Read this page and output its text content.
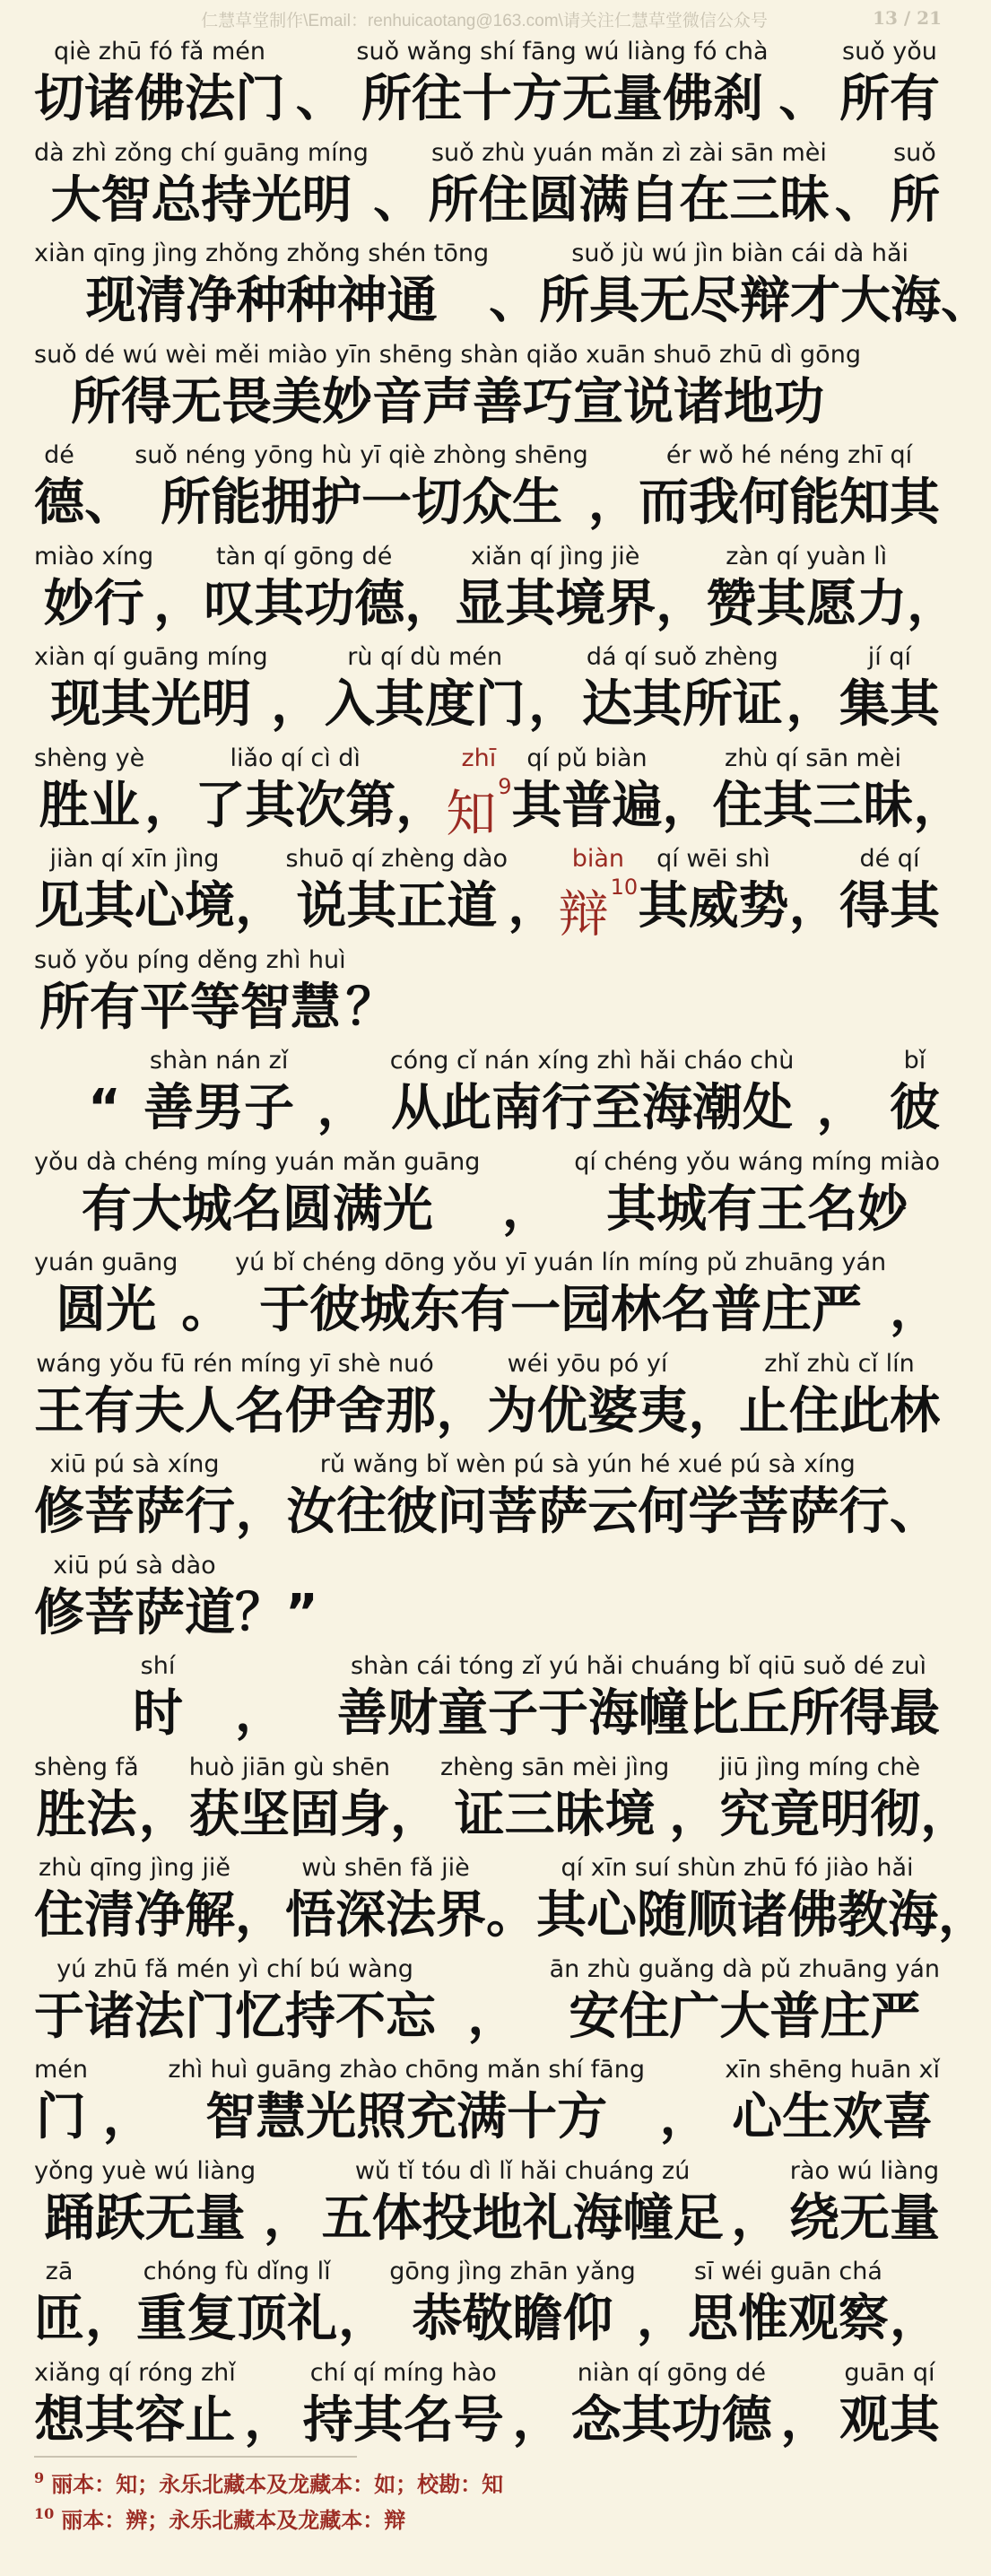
仁慧草堂制作\Email：renhuicaotang@163.com\请关注仁慧草堂微信公众号	13 / 21
qiè zhū fó fǎ mén
切诸佛法门 、
suǒ wǎng shí fāng wú liàng fó chà
所往十方无量佛刹 、
suǒ yǒu
所有
dà zhì zǒng chí guāng míng
大智总持光明 、
suǒ zhù yuán mǎn zì zài sān mèi
所住圆满自在三昧 、
suǒ
所
xiàn qīng jìng zhǒng zhǒng shén tōng
现清净种种神通 、
suǒ jù wú jìn biàn cái dà hǎi
所具无尽辩才大海 、
suǒ dé wú wèi měi miào yīn shēng shàn qiǎo xuān shuō zhū dì gōng
所得无畏美妙音声善巧宣说诸地功
dé
德 、
suǒ néng yōng hù yī qiè zhòng shēng
所能拥护一切众生 ，
ér wǒ hé néng zhī qí
而我何能知其
miào xíng
妙行 ，
tàn qí gōng dé
叹其功德 ，
xiǎn qí jìng jiè
显其境界 ，
zàn qí yuàn lì
赞其愿力 ，
xiàn qí guāng míng
现其光明 ，
rù qí dù mén
入其度门 ，
dá qí suǒ zhèng
达其所证 ，
jí qí
集其
shèng yè
胜业 ，
liǎo qí cì dì
了其次第 ，
zhī
知$^9$
qí pǔ biàn
其普遍 ，
zhù qí sān mèi
住其三昧 ，
jiàn qí xīn jìng
见其心境 ，
shuō qí zhèng dào
说其正道 ，
biàn
辩$^{10}$
qí wēi shì
其威势 ，
dé qí
得其
suǒ yǒu píng děng zhì huì
所有平等智慧 ？
“
shàn nán zǐ
善男子 ，
cóng cǐ nán xíng zhì hǎi cháo chù
从此南行至海潮处 ，
bǐ
彼
yǒu dà chéng míng yuán mǎn guāng
有大城名圆满光 ，
qí chéng yǒu wáng míng miào
其城有王名妙
yuán guāng
圆光 。
yú bǐ chéng dōng yǒu yī yuán lín míng pǔ zhuāng yán
于彼城东有一园林名普庄严 ，
wáng yǒu fū rén míng yī shè nuó
王有夫人名伊舍那 ，
wéi yōu pó yí
为优婆夷 ，
zhǐ zhù cǐ lín
止住此林
xiū pú sà xíng
修菩萨行 ，
rǔ wǎng bǐ wèn pú sà yún hé xué pú sà xíng
汝往彼问菩萨云何学菩萨行 、
xiū pú sà dào
修菩萨道 ？”
shí
时 ，
shàn cái tóng zǐ yú hǎi chuáng bǐ qiū suǒ dé zuì
善财童子于海幢比丘所得最
shèng fǎ
胜法 ，
huò jiān gù shēn
获坚固身 ，
zhèng sān mèi jìng
证三昧境 ，
jiū jìng míng chè
究竟明彻 ，
zhù qīng jìng jiě
住清净解 ，
wù shēn fǎ jiè
悟深法界 。
qí xīn suí shùn zhū fó jiào hǎi
其心随顺诸佛教海 ，
yú zhū fǎ mén yì chí bú wàng
于诸法门忆持不忘 ，
ān zhù guǎng dà pǔ zhuāng yán
安住广大普庄严
mén
门 ，
zhì huì guāng zhào chōng mǎn shí fāng
智慧光照充满十方 ，
xīn shēng huān xǐ
心生欢喜
yǒng yuè wú liàng
踊跃无量 ，
wǔ tǐ tóu dì lǐ hǎi chuáng zú
五体投地礼海幢足 ，
rào wú liàng
绕无量
zā
匝 ，
chóng fù dǐng lǐ
重复顶礼 ，
gōng jìng zhān yǎng
恭敬瞻仰 ，
sī wéi guān chá
思惟观察 ，
xiǎng qí róng zhǐ
想其容止 ，
chí qí míng hào
持其名号 ，
niàn qí gōng dé
念其功德 ，
guān qí
观其
$^9$ 丽本：知；永乐北藏本及龙藏本：如；校勘：知
$^{10}$ 丽本：辨；永乐北藏本及龙藏本：辩
